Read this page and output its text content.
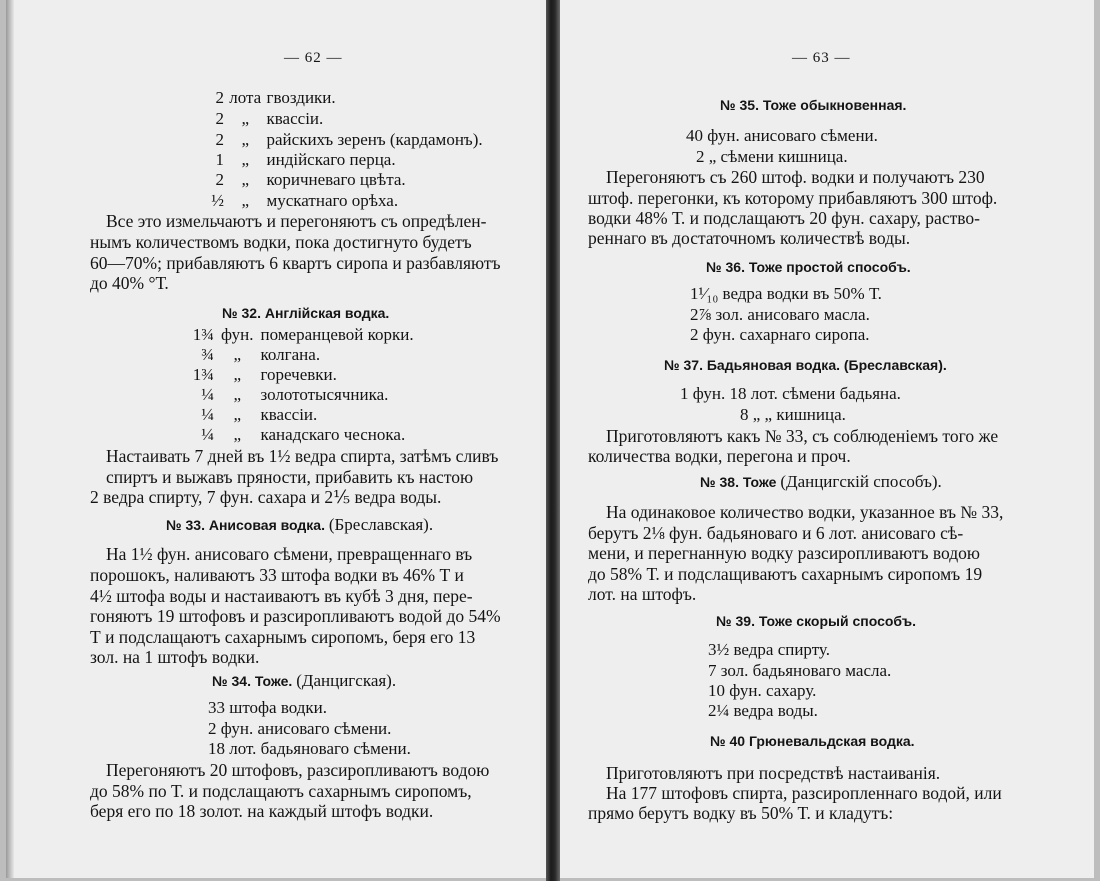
— 62 —
2 лота гвоздики.
2 „ квассіи.
2 „ райскихъ зеренъ (кардамонъ).
1 „ индійскаго перца.
2 „ коричневаго цвѣта.
½ „ мускатнаго орѣха.
Все это измельчаютъ и перегоняютъ съ опредѣлен-
нымъ количествомъ водки, пока достигнуто будетъ
60—70%; прибавляютъ 6 квартъ сиропа и разбавляютъ
до 40% °Т.
№ 32. Англійская водка.
1¾ фун. померанцевой корки.
¾ „ колгана.
1¾ „ горечевки.
¼ „ золототысячника.
¼ „ квассіи.
¼ „ канадскаго чеснока.
Настаивать 7 дней въ 1½ ведра спирта, затѣмъ сливъ
спиртъ и выжавъ пряности, прибавить къ настою
2 ведра спирту, 7 фун. сахара и 2⅕ ведра воды.
№ 33. Анисовая водка. (Бреславская).
На 1½ фун. анисоваго сѣмени, превращеннаго въ
порошокъ, наливаютъ 33 штофа водки въ 46% Т и
4½ штофа воды и настаиваютъ въ кубѣ 3 дня, пере-
гоняютъ 19 штофовъ и разсиропливаютъ водой до 54%
Т и подслащаютъ сахарнымъ сиропомъ, беря его 13
зол. на 1 штофъ водки.
№ 34. Тоже. (Данцигская).
33 штофа водки.
2 фун. анисоваго сѣмени.
18 лот. бадьяноваго сѣмени.
Перегоняютъ 20 штофовъ, разсиропливаютъ водою
до 58% по Т. и подслащаютъ сахарнымъ сиропомъ,
беря его по 18 золот. на каждый штофъ водки.
— 63 —
№ 35. Тоже обыкновенная.
40 фун. анисоваго сѣмени.
2 „ сѣмени кишница.
Перегоняютъ съ 260 штоф. водки и получаютъ 230
штоф. перегонки, къ которому прибавляютъ 300 штоф.
водки 48% Т. и подслащаютъ 20 фун. сахару, раство-
реннаго въ достаточномъ количествѣ воды.
№ 36. Тоже простой способъ.
1¹⁄₁₀ ведра водки въ 50% Т.
2⅞ зол. анисоваго масла.
2 фун. сахарнаго сиропа.
№ 37. Бадьяновая водка. (Бреславская).
1 фун. 18 лот. сѣмени бадьяна.
8 „ „ кишница.
Приготовляютъ какъ № 33, съ соблюденіемъ того же
количества водки, перегона и проч.
№ 38. Тоже (Данцигскій способъ).
На одинаковое количество водки, указанное въ № 33,
берутъ 2⅛ фун. бадьяноваго и 6 лот. анисоваго сѣ-
мени, и перегнанную водку разсиропливаютъ водою
до 58% Т. и подслащиваютъ сахарнымъ сиропомъ 19
лот. на штофъ.
№ 39. Тоже скорый способъ.
3½ ведра спирту.
7 зол. бадьяноваго масла.
10 фун. сахару.
2¼ ведра воды.
№ 40 Грюневальдская водка.
Приготовляютъ при посредствѣ настаиванія.
На 177 штофовъ спирта, разсиропленнаго водой, или
прямо берутъ водку въ 50% Т. и кладутъ:
